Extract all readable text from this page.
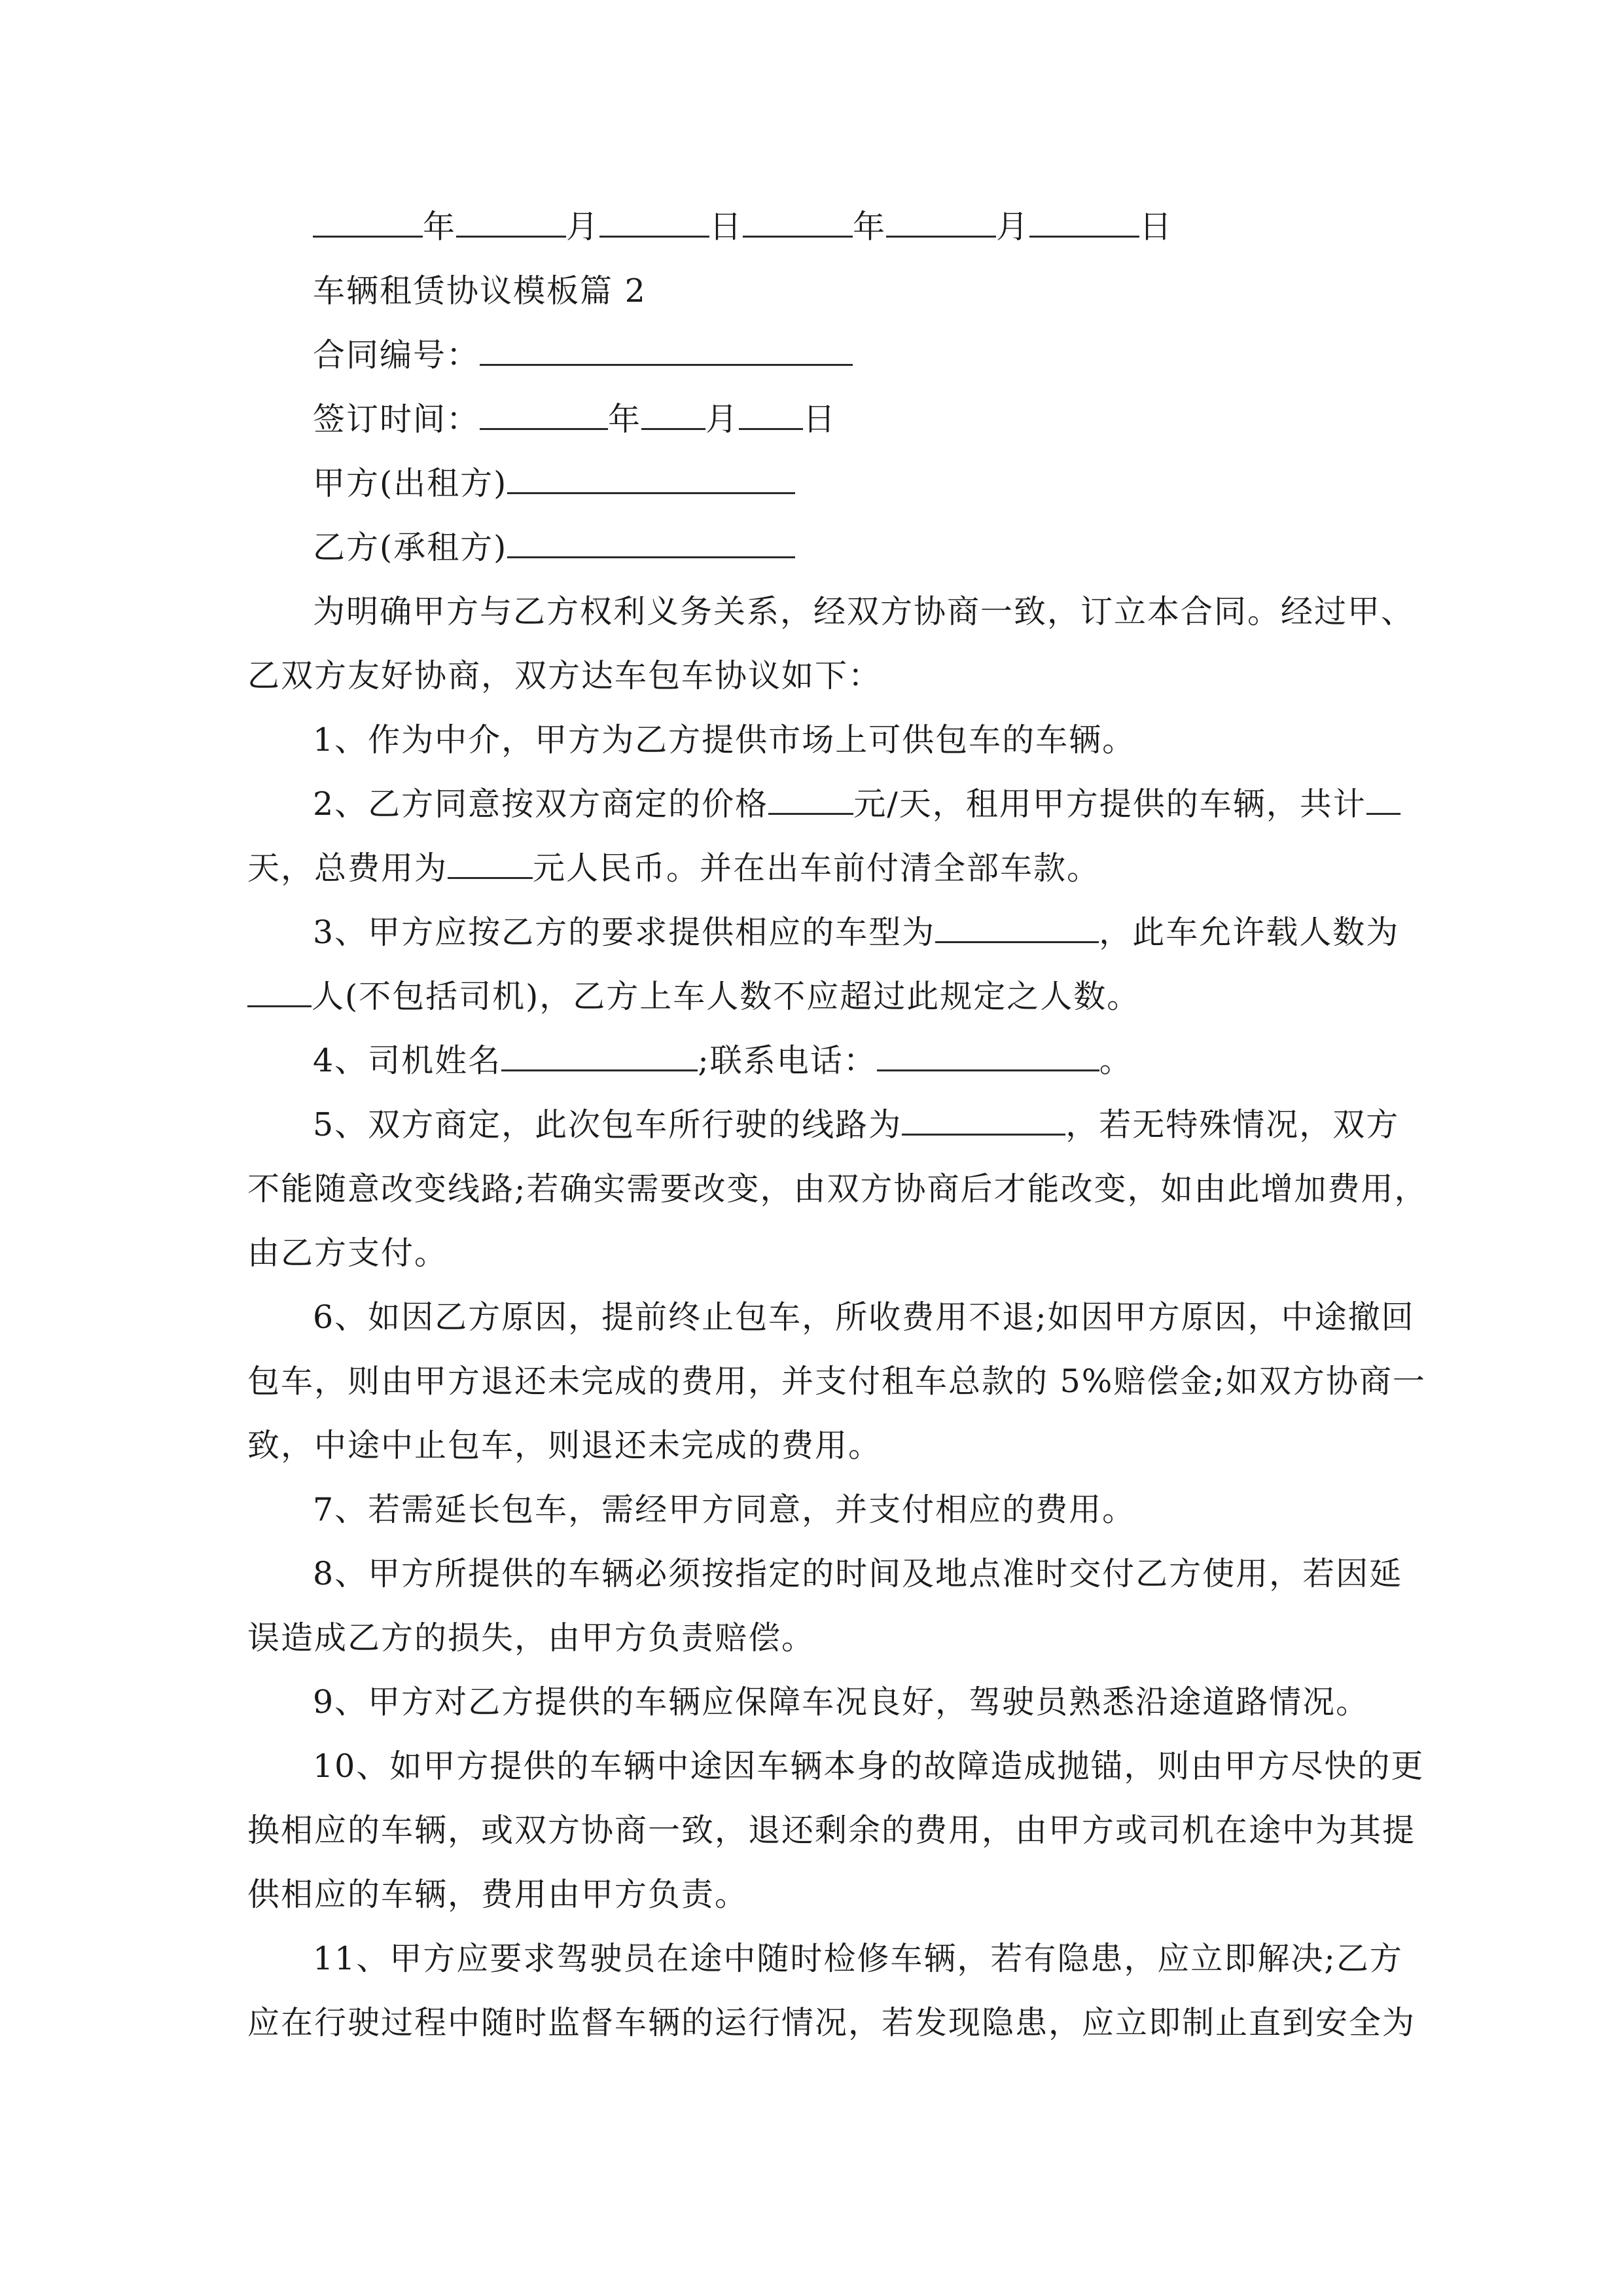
年	月	日	年	月	日
车辆租赁协议模板篇 2
合同编号：
签订时间：	年 月 日
甲方(出租方)
乙方(承租方)
为明确甲方与乙方权利义务关系，经双方协商一致，订立本合同。经过甲、
乙双方友好协商，双方达车包车协议如下：
1、作为中介，甲方为乙方提供市场上可供包车的车辆。
2、乙方同意按双方商定的价格	元/天，租用甲方提供的车辆，共计
天，总费用为	元人民币。并在出车前付清全部车款。
3、甲方应按乙方的要求提供相应的车型为	，此车允许载人数为
人(不包括司机)，乙方上车人数不应超过此规定之人数。
4、司机姓名	;联系电话：	。
5、双方商定，此次包车所行驶的线路为	，若无特殊情况，双方
不能随意改变线路;若确实需要改变，由双方协商后才能改变，如由此增加费用，
由乙方支付。
6、如因乙方原因，提前终止包车，所收费用不退;如因甲方原因，中途撤回
包车，则由甲方退还未完成的费用，并支付租车总款的 5%赔偿金;如双方协商一
致，中途中止包车，则退还未完成的费用。
7、若需延长包车，需经甲方同意，并支付相应的费用。
8、甲方所提供的车辆必须按指定的时间及地点准时交付乙方使用，若因延
误造成乙方的损失，由甲方负责赔偿。
9、甲方对乙方提供的车辆应保障车况良好，驾驶员熟悉沿途道路情况。
10、如甲方提供的车辆中途因车辆本身的故障造成抛锚，则由甲方尽快的更
换相应的车辆，或双方协商一致，退还剩余的费用，由甲方或司机在途中为其提
供相应的车辆，费用由甲方负责。
11、甲方应要求驾驶员在途中随时检修车辆，若有隐患，应立即解决;乙方
应在行驶过程中随时监督车辆的运行情况，若发现隐患，应立即制止直到安全为
